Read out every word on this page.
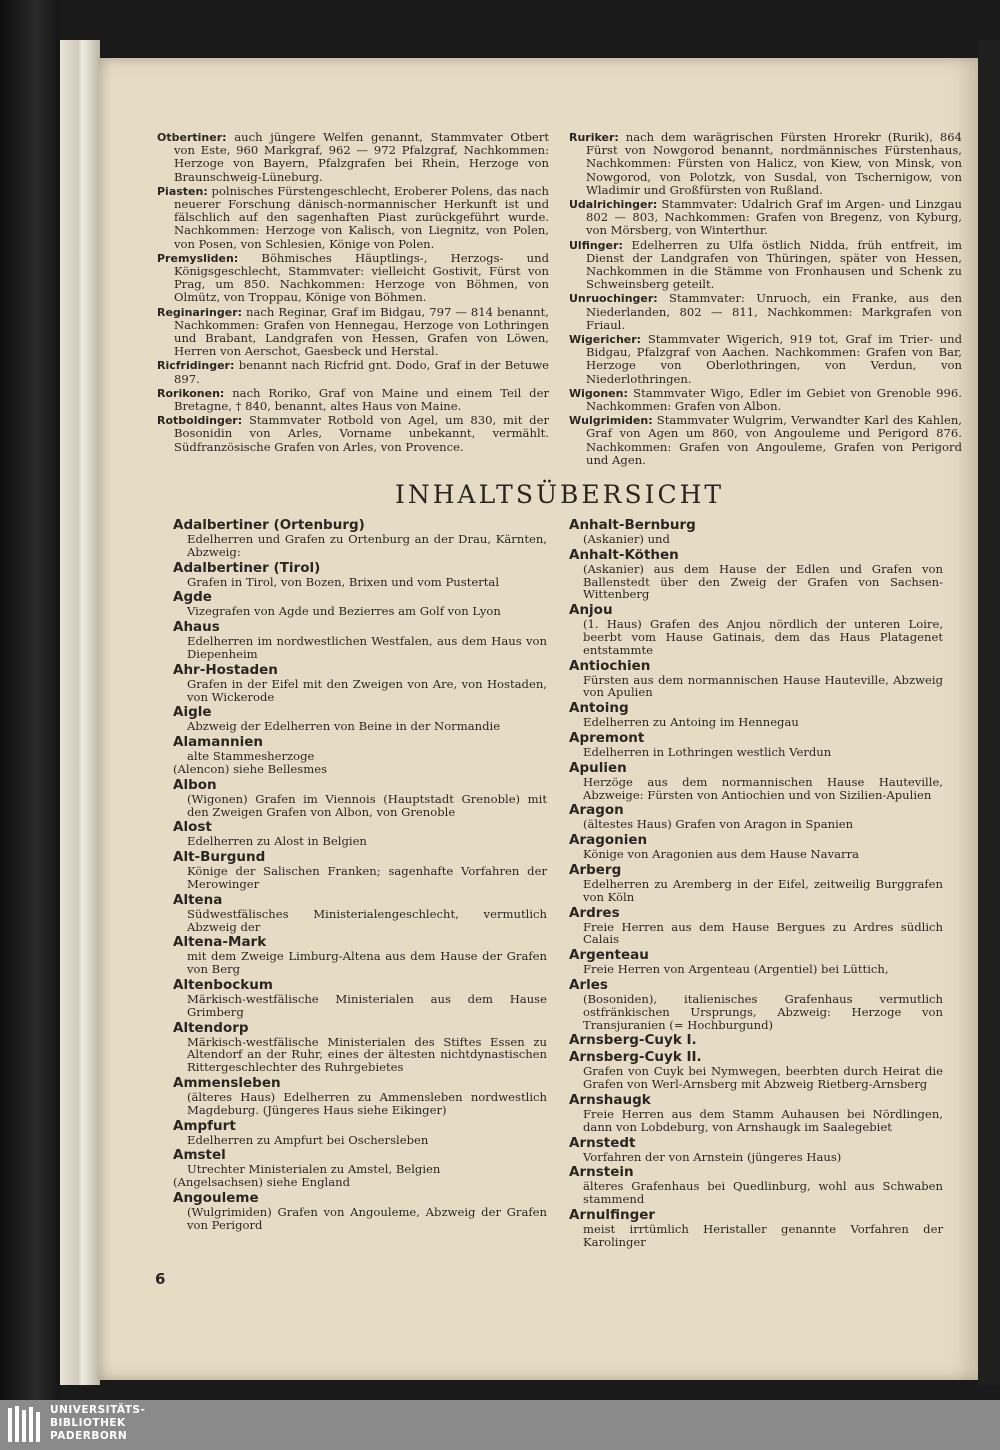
Otbertiner: auch jüngere Welfen genannt, Stammvater Otbert von Este, 960 Markgraf, 962 — 972 Pfalzgraf, Nachkommen: Herzoge von Bayern, Pfalzgrafen bei Rhein, Herzoge von Braunschweig-Lüneburg.
Piasten: polnisches Fürstengeschlecht, Eroberer Polens, das nach neuerer Forschung dänisch-normannischer Herkunft ist und fälschlich auf den sagenhaften Piast zurückgeführt wurde. Nachkommen: Herzoge von Kalisch, von Liegnitz, von Polen, von Posen, von Schlesien, Könige von Polen.
Premysliden: Böhmisches Häuptlings-, Herzogs- und Königsgeschlecht, Stammvater: vielleicht Gostivit, Fürst von Prag, um 850. Nachkommen: Herzoge von Böhmen, von Olmütz, von Troppau, Könige von Böhmen.
Reginaringer: nach Reginar, Graf im Bidgau, 797 — 814 benannt, Nachkommen: Grafen von Hennegau, Herzoge von Lothringen und Brabant, Landgrafen von Hessen, Grafen von Löwen, Herren von Aerschot, Gaesbeck und Herstal.
Ricfridinger: benannt nach Ricfrid gnt. Dodo, Graf in der Betuwe 897.
Rorikonen: nach Roriko, Graf von Maine und einem Teil der Bretagne, † 840, benannt, altes Haus von Maine.
Rotboldinger: Stammvater Rotbold von Agel, um 830, mit der Bosonidin von Arles, Vorname unbekannt, vermählt. Südfranzösische Grafen von Arles, von Provence.
Ruriker: nach dem warägrischen Fürsten Hrorekr (Rurik), 864 Fürst von Nowgorod benannt, nordmännisches Fürstenhaus, Nachkommen: Fürsten von Halicz, von Kiew, von Minsk, von Nowgorod, von Polotzk, von Susdal, von Tschernigow, von Wladimir und Großfürsten von Rußland.
Udalrichinger: Stammvater: Udalrich Graf im Argen- und Linzgau 802 — 803, Nachkommen: Grafen von Bregenz, von Kyburg, von Mörsberg, von Winterthur.
Ulfinger: Edelherren zu Ulfa östlich Nidda, früh entfreit, im Dienst der Landgrafen von Thüringen, später von Hessen, Nachkommen in die Stämme von Fronhausen und Schenk zu Schweinsberg geteilt.
Unruochinger: Stammvater: Unruoch, ein Franke, aus den Niederlanden, 802 — 811, Nachkommen: Markgrafen von Friaul.
Wigericher: Stammvater Wigerich, 919 tot, Graf im Trier- und Bidgau, Pfalzgraf von Aachen. Nachkommen: Grafen von Bar, Herzoge von Oberlothringen, von Verdun, von Niederlothringen.
Wigonen: Stammvater Wigo, Edler im Gebiet von Grenoble 996. Nachkommen: Grafen von Albon.
Wulgrimiden: Stammvater Wulgrim, Verwandter Karl des Kahlen, Graf von Agen um 860, von Angouleme und Perigord 876. Nachkommen: Grafen von Angouleme, Grafen von Perigord und Agen.
INHALTSÜBERSICHT
Adalbertiner (Ortenburg)
Edelherren und Grafen zu Ortenburg an der Drau, Kärnten, Abzweig:
Adalbertiner (Tirol)
Grafen in Tirol, von Bozen, Brixen und vom Pustertal
Agde
Vizegrafen von Agde und Bezierres am Golf von Lyon
Ahaus
Edelherren im nordwestlichen Westfalen, aus dem Haus von Diepenheim
Ahr-Hostaden
Grafen in der Eifel mit den Zweigen von Are, von Hostaden, von Wickerode
Aigle
Abzweig der Edelherren von Beine in der Normandie
Alamannien
alte Stammesherzoge
(Alencon) siehe Bellesmes
Albon
(Wigonen) Grafen im Viennois (Hauptstadt Grenoble) mit den Zweigen Grafen von Albon, von Grenoble
Alost
Edelherren zu Alost in Belgien
Alt-Burgund
Könige der Salischen Franken; sagenhafte Vorfahren der Merowinger
Altena
Südwestfälisches Ministerialengeschlecht, vermutlich Abzweig der
Altena-Mark
mit dem Zweige Limburg-Altena aus dem Hause der Grafen von Berg
Altenbockum
Märkisch-westfälische Ministerialen aus dem Hause Grimberg
Altendorp
Märkisch-westfälische Ministerialen des Stiftes Essen zu Altendorf an der Ruhr, eines der ältesten nichtdynastischen Rittergeschlechter des Ruhrgebietes
Ammensleben
(älteres Haus) Edelherren zu Ammensleben nordwestlich Magdeburg. (Jüngeres Haus siehe Eikinger)
Ampfurt
Edelherren zu Ampfurt bei Oschersleben
Amstel
Utrechter Ministerialen zu Amstel, Belgien
(Angelsachsen) siehe England
Angouleme
(Wulgrimiden) Grafen von Angouleme, Abzweig der Grafen von Perigord
Anhalt-Bernburg
(Askanier) und
Anhalt-Köthen
(Askanier) aus dem Hause der Edlen und Grafen von Ballenstedt über den Zweig der Grafen von Sachsen-Wittenberg
Anjou
(1. Haus) Grafen des Anjou nördlich der unteren Loire, beerbt vom Hause Gatinais, dem das Haus Platagenet entstammte
Antiochien
Fürsten aus dem normannischen Hause Hauteville, Abzweig von Apulien
Antoing
Edelherren zu Antoing im Hennegau
Apremont
Edelherren in Lothringen westlich Verdun
Apulien
Herzöge aus dem normannischen Hause Hauteville, Abzweige: Fürsten von Antiochien und von Sizilien-Apulien
Aragon
(ältestes Haus) Grafen von Aragon in Spanien
Aragonien
Könige von Aragonien aus dem Hause Navarra
Arberg
Edelherren zu Aremberg in der Eifel, zeitweilig Burggrafen von Köln
Ardres
Freie Herren aus dem Hause Bergues zu Ardres südlich Calais
Argenteau
Freie Herren von Argenteau (Argentiel) bei Lüttich,
Arles
(Bosoniden), italienisches Grafenhaus vermutlich ostfränkischen Ursprungs, Abzweig: Herzoge von Transjuranien (= Hochburgund)
Arnsberg-Cuyk I.
Arnsberg-Cuyk II.
Grafen von Cuyk bei Nymwegen, beerbten durch Heirat die Grafen von Werl-Arnsberg mit Abzweig Rietberg-Arnsberg
Arnshaugk
Freie Herren aus dem Stamm Auhausen bei Nördlingen, dann von Lobdeburg, von Arnshaugk im Saalegebiet
Arnstedt
Vorfahren der von Arnstein (jüngeres Haus)
Arnstein
älteres Grafenhaus bei Quedlinburg, wohl aus Schwaben stammend
Arnulfinger
meist irrtümlich Heristaller genannte Vorfahren der Karolinger
6
UNIVERSITÄTS-
BIBLIOTHEK
PADERBORN
